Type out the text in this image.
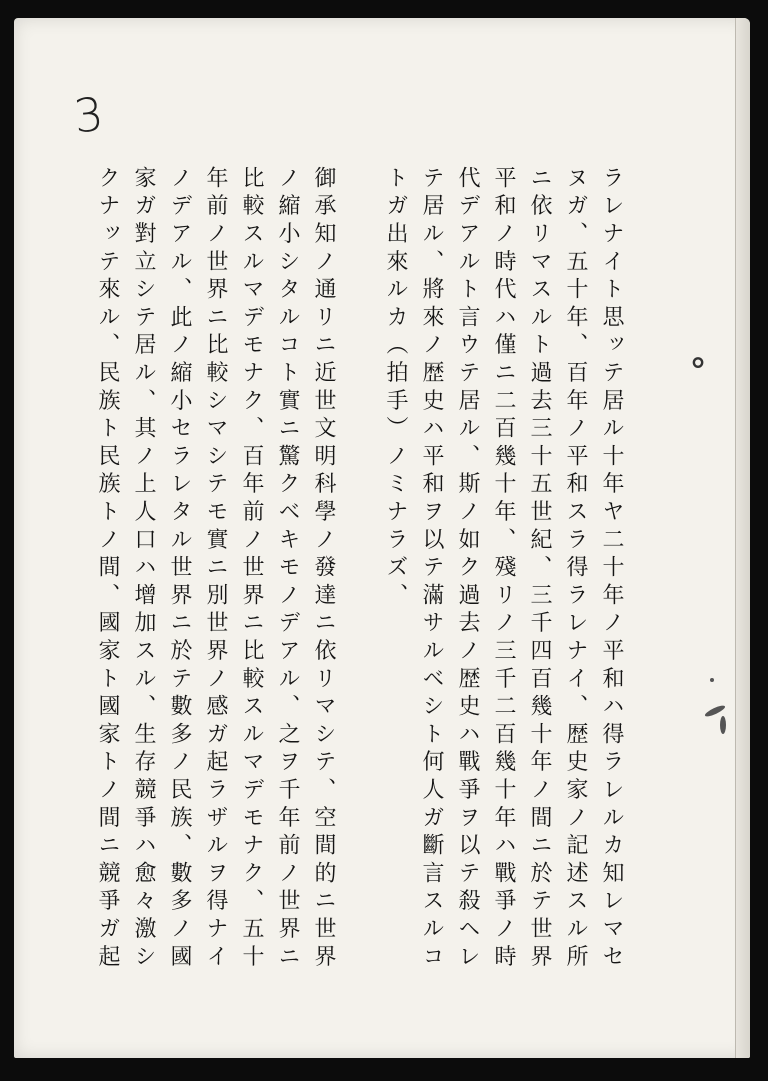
3
ラレナイト思ッテ居ル十年ヤ二十年ノ平和ハ得ラレルカ知レマセ
ヌガ、五十年、百年ノ平和スラ得ラレナイ、歴史家ノ記述スル所
ニ依リマスルト過去三十五世紀、三千四百幾十年ノ間ニ於テ世界
平和ノ時代ハ僅ニ二百幾十年、殘リノ三千二百幾十年ハ戰爭ノ時
代デアルト言ウテ居ル、斯ノ如ク過去ノ歴史ハ戰爭ヲ以テ殺ヘレ
テ居ル、將來ノ歴史ハ平和ヲ以テ滿サルベシト何人ガ斷言スルコ
トガ出來ルカ（拍手）ノミナラズ、
御承知ノ通リニ近世文明科學ノ發達ニ依リマシテ、空間的ニ世界
ノ縮小シタルコト實ニ驚クベキモノデアル、之ヲ千年前ノ世界ニ
比較スルマデモナク、百年前ノ世界ニ比較スルマデモナク、五十
年前ノ世界ニ比較シマシテモ實ニ別世界ノ感ガ起ラザルヲ得ナイ
ノデアル、此ノ縮小セラレタル世界ニ於テ數多ノ民族、數多ノ國
家ガ對立シテ居ル、其ノ上人口ハ增加スル、生存競爭ハ愈々激シ
クナッテ來ル、民族ト民族トノ間、國家ト國家トノ間ニ競爭ガ起	ᐤ
